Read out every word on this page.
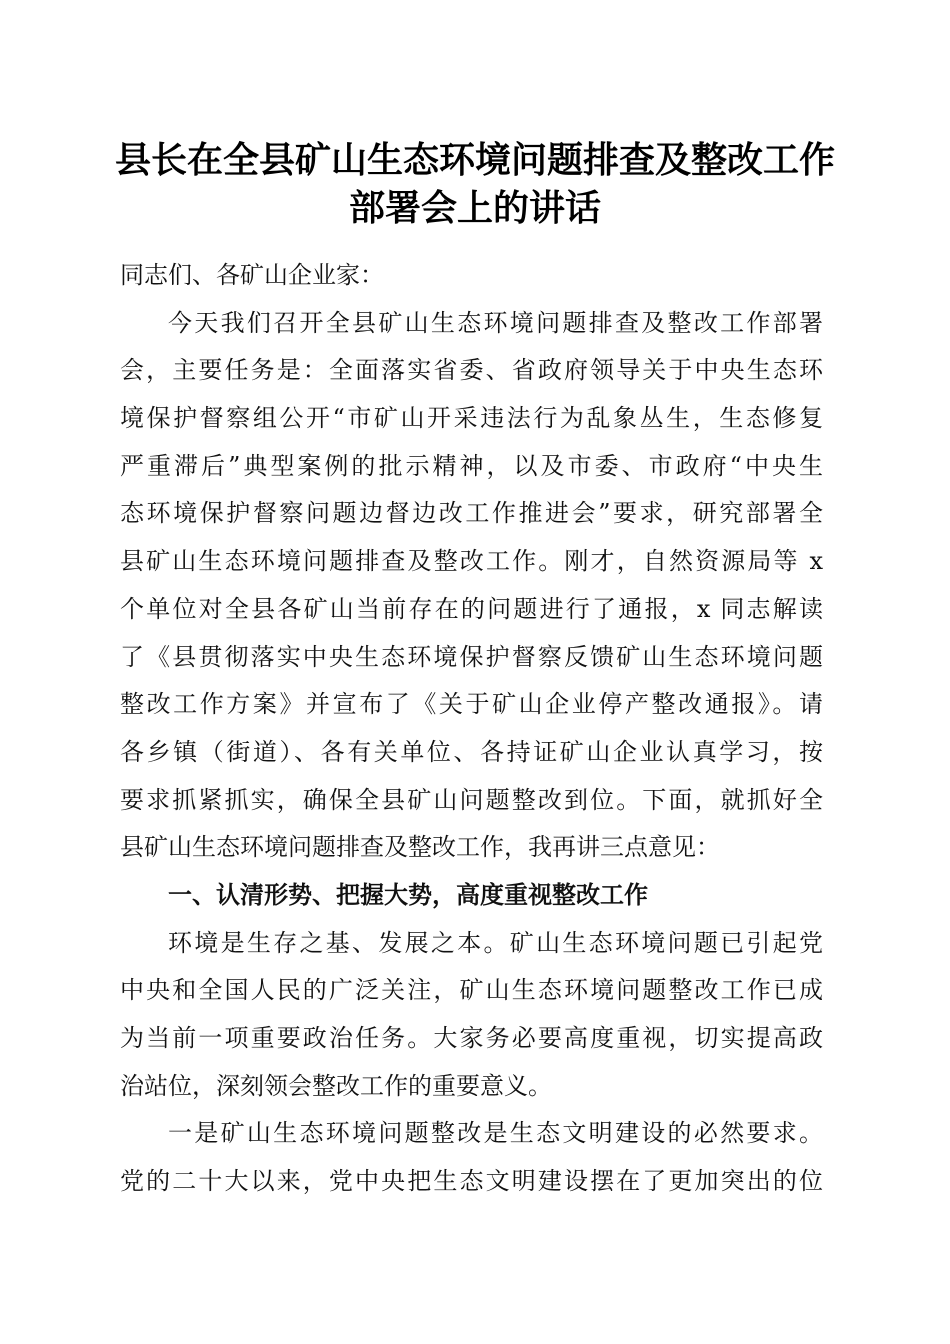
县长在全县矿山生态环境问题排查及整改工作
部署会上的讲话
同志们、各矿山企业家：
今天我们召开全县矿山生态环境问题排查及整改工作部署
会，主要任务是：全面落实省委、省政府领导关于中央生态环
境保护督察组公开“市矿山开采违法行为乱象丛生，生态修复
严重滞后”典型案例的批示精神，以及市委、市政府“中央生
态环境保护督察问题边督边改工作推进会”要求，研究部署全
县矿山生态环境问题排查及整改工作。刚才，自然资源局等 x
个单位对全县各矿山当前存在的问题进行了通报，x 同志解读
了《县贯彻落实中央生态环境保护督察反馈矿山生态环境问题
整改工作方案》并宣布了《关于矿山企业停产整改通报》。请
各乡镇（街道）、各有关单位、各持证矿山企业认真学习，按
要求抓紧抓实，确保全县矿山问题整改到位。下面，就抓好全
县矿山生态环境问题排查及整改工作，我再讲三点意见：
一、认清形势、把握大势，高度重视整改工作
环境是生存之基、发展之本。矿山生态环境问题已引起党
中央和全国人民的广泛关注，矿山生态环境问题整改工作已成
为当前一项重要政治任务。大家务必要高度重视，切实提高政
治站位，深刻领会整改工作的重要意义。
一是矿山生态环境问题整改是生态文明建设的必然要求。
党的二十大以来，党中央把生态文明建设摆在了更加突出的位
